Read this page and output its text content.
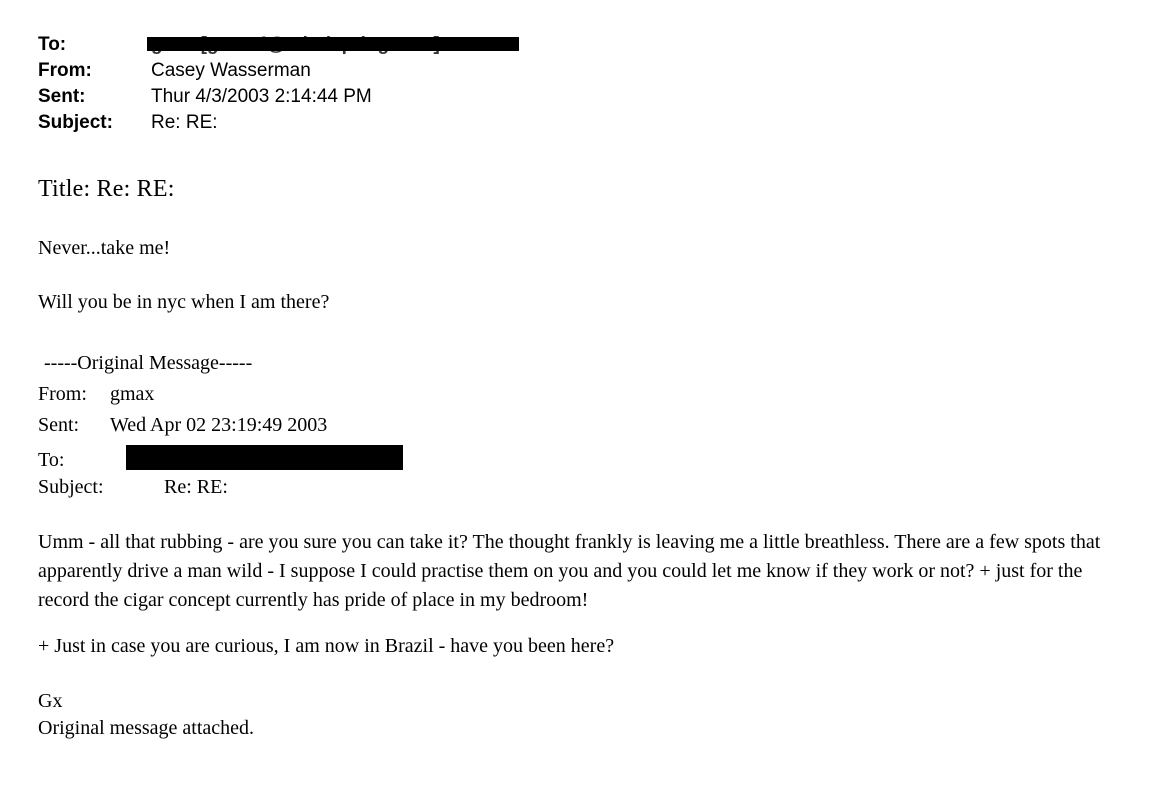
To:
From:	Casey Wasserman
Sent:	Thur 4/3/2003 2:14:44 PM
Subject:	Re: RE:
Title: Re: RE:
Never...take me!
Will you be in nyc when I am there?
-----Original Message-----
From:	gmax
Sent:	Wed Apr 02 23:19:49 2003
To:
Subject:	Re: RE:
Umm - all that rubbing - are you sure you can take it? The thought frankly is leaving me a little breathless. There are a few spots that apparently drive a man wild - I suppose I could practise them on you and you could let me know if they work or not? + just for the record the cigar concept currently has pride of place in my bedroom!
+ Just in case you are curious, I am now in Brazil - have you been here?
Gx
Original message attached.
